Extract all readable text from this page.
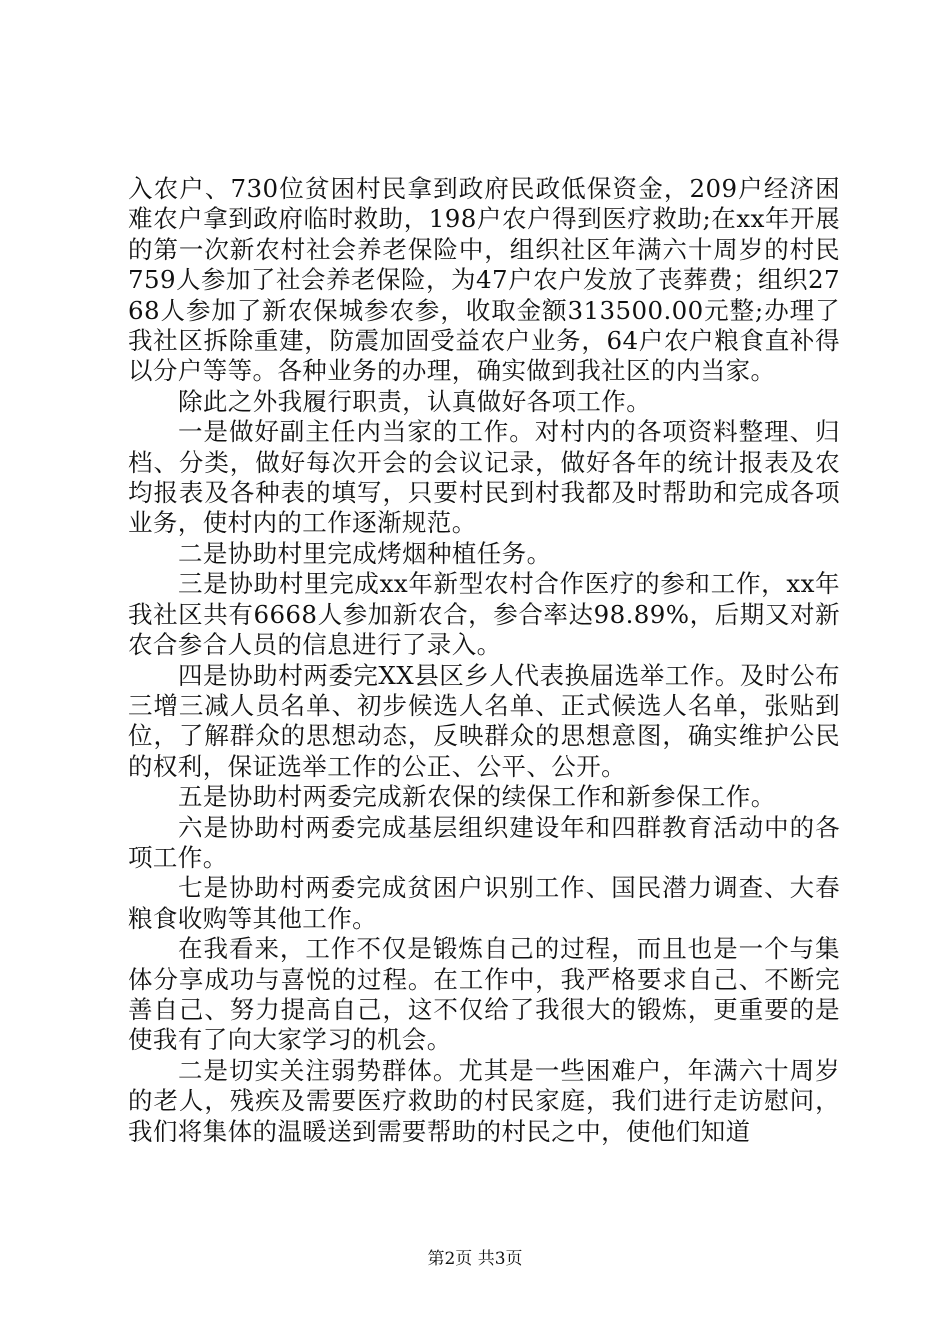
入农户、730位贫困村民拿到政府民政低保资金，209户经济困难农户拿到政府临时救助，198户农户得到医疗救助;在xx年开展的第一次新农村社会养老保险中，组织社区年满六十周岁的村民759人参加了社会养老保险，为47户农户发放了丧葬费；组织2768人参加了新农保城参农参，收取金额313500.00元整;办理了我社区拆除重建，防震加固受益农户业务，64户农户粮食直补得以分户等等。各种业务的办理，确实做到我社区的内当家。

除此之外我履行职责，认真做好各项工作。

一是做好副主任内当家的工作。对村内的各项资料整理、归档、分类，做好每次开会的会议记录，做好各年的统计报表及农均报表及各种表的填写，只要村民到村我都及时帮助和完成各项业务，使村内的工作逐渐规范。

二是协助村里完成烤烟种植任务。

三是协助村里完成xx年新型农村合作医疗的参和工作，xx年我社区共有6668人参加新农合，参合率达98.89%，后期又对新农合参合人员的信息进行了录入。

四是协助村两委完XX县区乡人代表换届选举工作。及时公布三增三减人员名单、初步候选人名单、正式候选人名单，张贴到位，了解群众的思想动态，反映群众的思想意图，确实维护公民的权利，保证选举工作的公正、公平、公开。

五是协助村两委完成新农保的续保工作和新参保工作。

六是协助村两委完成基层组织建设年和四群教育活动中的各项工作。

七是协助村两委完成贫困户识别工作、国民潜力调查、大春粮食收购等其他工作。

在我看来，工作不仅是锻炼自己的过程，而且也是一个与集体分享成功与喜悦的过程。在工作中，我严格要求自己、不断完善自己、努力提高自己，这不仅给了我很大的锻炼，更重要的是使我有了向大家学习的机会。

二是切实关注弱势群体。尤其是一些困难户，年满六十周岁的老人，残疾及需要医疗救助的村民家庭，我们进行走访慰问，我们将集体的温暖送到需要帮助的村民之中，使他们知道

第2页 共3页
